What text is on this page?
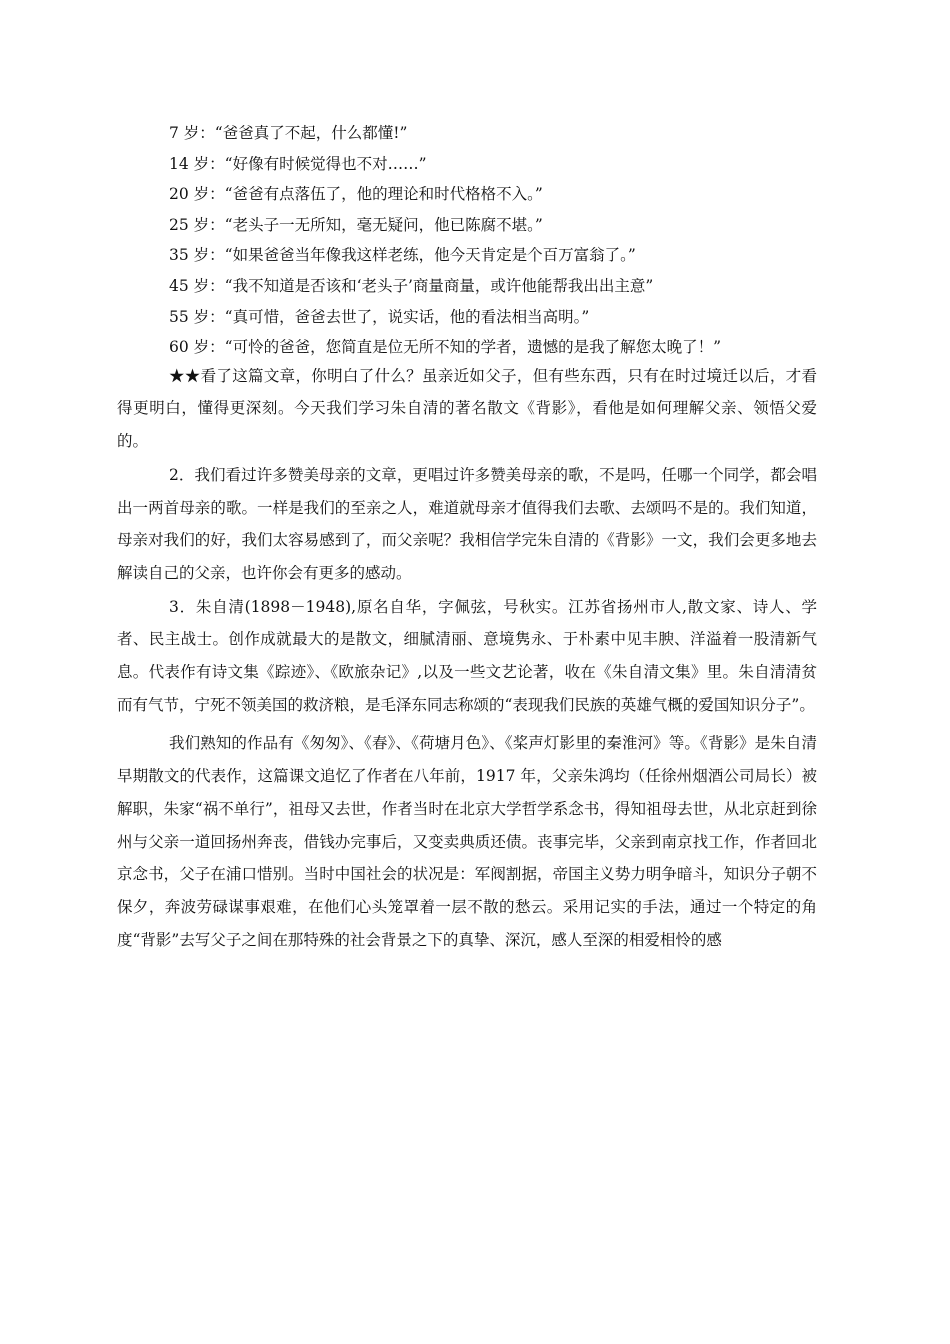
7 岁：“爸爸真了不起，什么都懂!”
14 岁：“好像有时候觉得也不对……”
20 岁：“爸爸有点落伍了，他的理论和时代格格不入。”
25 岁：“老头子一无所知，毫无疑问，他已陈腐不堪。”
35 岁：“如果爸爸当年像我这样老练，他今天肯定是个百万富翁了。”
45 岁：“我不知道是否该和‘老头子’商量商量，或许他能帮我出出主意”
55 岁：“真可惜，爸爸去世了，说实话，他的看法相当高明。”
60 岁：“可怜的爸爸，您简直是位无所不知的学者，遗憾的是我了解您太晚了！”

★★看了这篇文章，你明白了什么？虽亲近如父子，但有些东西，只有在时过境迁以后，才看得更明白，懂得更深刻。今天我们学习朱自清的著名散文《背影》，看他是如何理解父亲、领悟父爱的。

2．我们看过许多赞美母亲的文章，更唱过许多赞美母亲的歌，不是吗，任哪一个同学，都会唱出一两首母亲的歌。一样是我们的至亲之人，难道就母亲才值得我们去歌、去颂吗不是的。我们知道，母亲对我们的好，我们太容易感到了，而父亲呢？我相信学完朱自清的《背影》一文，我们会更多地去解读自己的父亲，也许你会有更多的感动。

3．朱自清(1898－1948),原名自华，字佩弦，号秋实。江苏省扬州市人,散文家、诗人、学者、民主战士。创作成就最大的是散文，细腻清丽、意境隽永、于朴素中见丰腴、洋溢着一股清新气息。代表作有诗文集《踪迹》、《欧旅杂记》,以及一些文艺论著，收在《朱自清文集》里。朱自清清贫而有气节，宁死不领美国的救济粮，是毛泽东同志称颂的“表现我们民族的英雄气概的爱国知识分子”。

我们熟知的作品有《匆匆》、《春》、《荷塘月色》、《桨声灯影里的秦淮河》等。《背影》是朱自清早期散文的代表作，这篇课文追忆了作者在八年前，1917 年，父亲朱鸿均（任徐州烟酒公司局长）被解职，朱家“祸不单行”，祖母又去世，作者当时在北京大学哲学系念书，得知祖母去世，从北京赶到徐州与父亲一道回扬州奔丧，借钱办完事后，又变卖典质还债。丧事完毕，父亲到南京找工作，作者回北京念书，父子在浦口惜别。当时中国社会的状况是：军阀割据，帝国主义势力明争暗斗，知识分子朝不保夕，奔波劳碌谋事艰难，在他们心头笼罩着一层不散的愁云。采用记实的手法，通过一个特定的角度“背影”去写父子之间在那特殊的社会背景之下的真挚、深沉，感人至深的相爱相怜的感
